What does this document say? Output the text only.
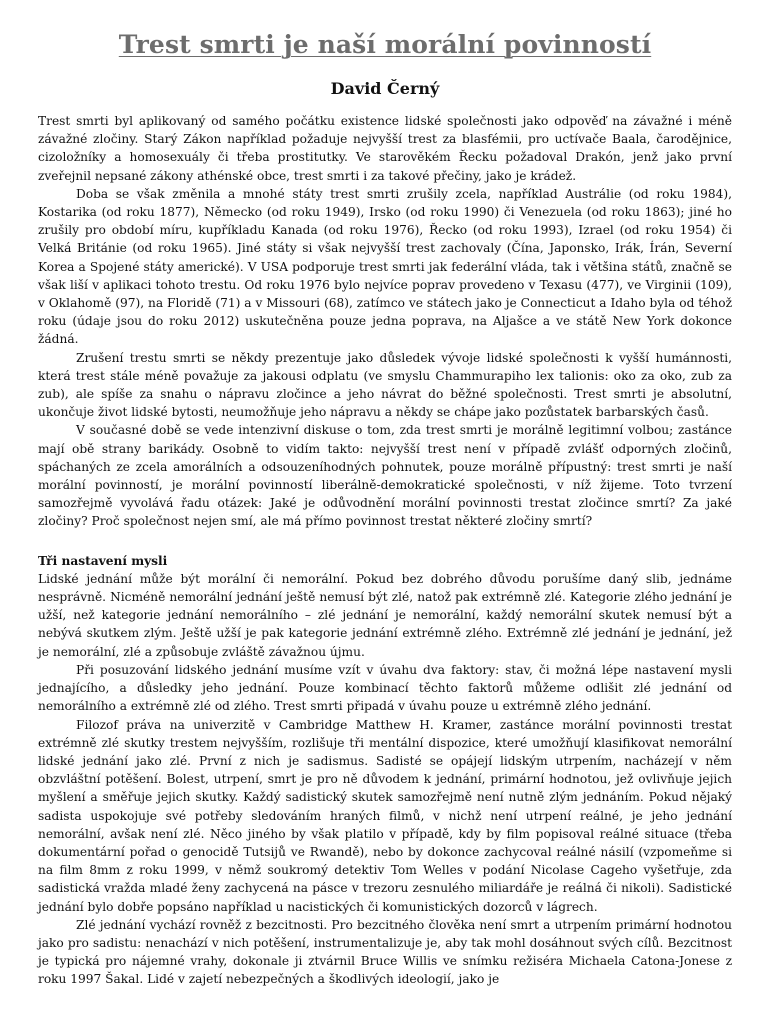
Trest smrti je naší morální povinností
David Černý

Trest smrti byl aplikovaný od samého počátku existence lidské společnosti jako odpověď na závažné i méně závažné zločiny. Starý Zákon například požaduje nejvyšší trest za blasfémii, pro uctívače Baala, čarodějnice, cizoložníky a homosexuály či třeba prostitutky. Ve starověkém Řecku požadoval Drakón, jenž jako první zveřejnil nepsané zákony athénské obce, trest smrti i za takové přečiny, jako je krádež.

Doba se však změnila a mnohé státy trest smrti zrušily zcela, například Austrálie (od roku 1984), Kostarika (od roku 1877), Německo (od roku 1949), Irsko (od roku 1990) či Venezuela (od roku 1863); jiné ho zrušily pro období míru, kupříkladu Kanada (od roku 1976), Řecko (od roku 1993), Izrael (od roku 1954) či Velká Británie (od roku 1965). Jiné státy si však nejvyšší trest zachovaly (Čína, Japonsko, Irák, Írán, Severní Korea a Spojené státy americké). V USA podporuje trest smrti jak federální vláda, tak i většina států, značně se však liší v aplikaci tohoto trestu. Od roku 1976 bylo nejvíce poprav provedeno v Texasu (477), ve Virginii (109), v Oklahomě (97), na Floridě (71) a v Missouri (68), zatímco ve státech jako je Connecticut a Idaho byla od téhož roku (údaje jsou do roku 2012) uskutečněna pouze jedna poprava, na Aljašce a ve státě New York dokonce žádná.

Zrušení trestu smrti se někdy prezentuje jako důsledek vývoje lidské společnosti k vyšší humánnosti, která trest stále méně považuje za jakousi odplatu (ve smyslu Chammurapiho lex talionis: oko za oko, zub za zub), ale spíše za snahu o nápravu zločince a jeho návrat do běžné společnosti. Trest smrti je absolutní, ukončuje život lidské bytosti, neumožňuje jeho nápravu a někdy se chápe jako pozůstatek barbarských časů.

V současné době se vede intenzivní diskuse o tom, zda trest smrti je morálně legitimní volbou; zastánce mají obě strany barikády. Osobně to vidím takto: nejvyšší trest není v případě zvlášť odporných zločinů, spáchaných ze zcela amorálních a odsouzeníhodných pohnutek, pouze morálně přípustný: trest smrti je naší morální povinností, je morální povinností liberálně-demokratické společnosti, v níž žijeme. Toto tvrzení samozřejmě vyvolává řadu otázek: Jaké je odůvodnění morální povinnosti trestat zločince smrtí? Za jaké zločiny? Proč společnost nejen smí, ale má přímo povinnost trestat některé zločiny smrtí?

Tři nastavení mysli

Lidské jednání může být morální či nemorální. Pokud bez dobrého důvodu porušíme daný slib, jednáme nesprávně. Nicméně nemorální jednání ještě nemusí být zlé, natož pak extrémně zlé. Kategorie zlého jednání je užší, než kategorie jednání nemorálního – zlé jednání je nemorální, každý nemorální skutek nemusí být a nebývá skutkem zlým. Ještě užší je pak kategorie jednání extrémně zlého. Extrémně zlé jednání je jednání, jež je nemorální, zlé a způsobuje zvláště závažnou újmu.

Při posuzování lidského jednání musíme vzít v úvahu dva faktory: stav, či možná lépe nastavení mysli jednajícího, a důsledky jeho jednání. Pouze kombinací těchto faktorů můžeme odlišit zlé jednání od nemorálního a extrémně zlé od zlého. Trest smrti připadá v úvahu pouze u extrémně zlého jednání.

Filozof práva na univerzitě v Cambridge Matthew H. Kramer, zastánce morální povinnosti trestat extrémně zlé skutky trestem nejvyšším, rozlišuje tři mentální dispozice, které umožňují klasifikovat nemorální lidské jednání jako zlé. První z nich je sadismus. Sadisté se opájejí lidským utrpením, nacházejí v něm obzvláštní potěšení. Bolest, utrpení, smrt je pro ně důvodem k jednání, primární hodnotou, jež ovlivňuje jejich myšlení a směřuje jejich skutky. Každý sadistický skutek samozřejmě není nutně zlým jednáním. Pokud nějaký sadista uspokojuje své potřeby sledováním hraných filmů, v nichž není utrpení reálné, je jeho jednání nemorální, avšak není zlé. Něco jiného by však platilo v případě, kdy by film popisoval reálné situace (třeba dokumentární pořad o genocidě Tutsijů ve Rwandě), nebo by dokonce zachycoval reálné násilí (vzpomeňme si na film 8mm z roku 1999, v němž soukromý detektiv Tom Welles v podání Nicolase Cageho vyšetřuje, zda sadistická vražda mladé ženy zachycená na pásce v trezoru zesnulého miliardáře je reálná či nikoli). Sadistické jednání bylo dobře popsáno například u nacistických či komunistických dozorců v lágrech.

Zlé jednání vychází rovněž z bezcitnosti. Pro bezcitného člověka není smrt a utrpením primární hodnotou jako pro sadistu: nenachází v nich potěšení, instrumentalizuje je, aby tak mohl dosáhnout svých cílů. Bezcitnost je typická pro nájemné vrahy, dokonale ji ztvárnil Bruce Willis ve snímku režiséra Michaela Catona-Jonese z roku 1997 Šakal. Lidé v zajetí nebezpečných a škodlivých ideologií, jako je
